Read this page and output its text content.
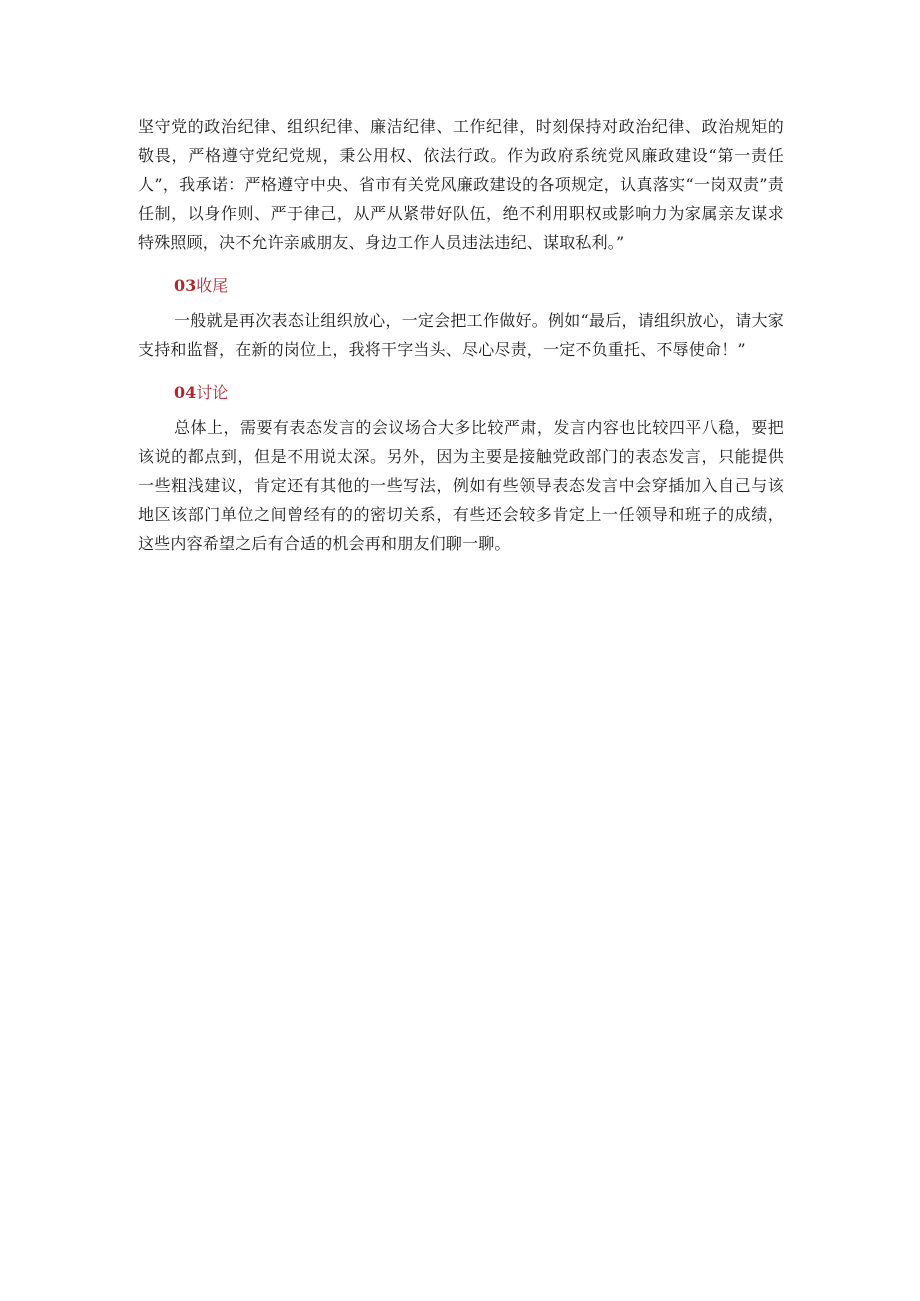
坚守党的政治纪律、组织纪律、廉洁纪律、工作纪律，时刻保持对政治纪律、政治规矩的敬畏，严格遵守党纪党规，秉公用权、依法行政。作为政府系统党风廉政建设“第一责任人”，我承诺：严格遵守中央、省市有关党风廉政建设的各项规定，认真落实“一岗双责”责任制，以身作则、严于律己，从严从紧带好队伍，绝不利用职权或影响力为家属亲友谋求特殊照顾，决不允许亲戚朋友、身边工作人员违法违纪、谋取私利。”

03收尾

一般就是再次表态让组织放心，一定会把工作做好。例如“最后，请组织放心，请大家支持和监督，在新的岗位上，我将干字当头、尽心尽责，一定不负重托、不辱使命！”

04讨论

总体上，需要有表态发言的会议场合大多比较严肃，发言内容也比较四平八稳，要把该说的都点到，但是不用说太深。另外，因为主要是接触党政部门的表态发言，只能提供一些粗浅建议，肯定还有其他的一些写法，例如有些领导表态发言中会穿插加入自己与该地区该部门单位之间曾经有的的密切关系，有些还会较多肯定上一任领导和班子的成绩，这些内容希望之后有合适的机会再和朋友们聊一聊。
